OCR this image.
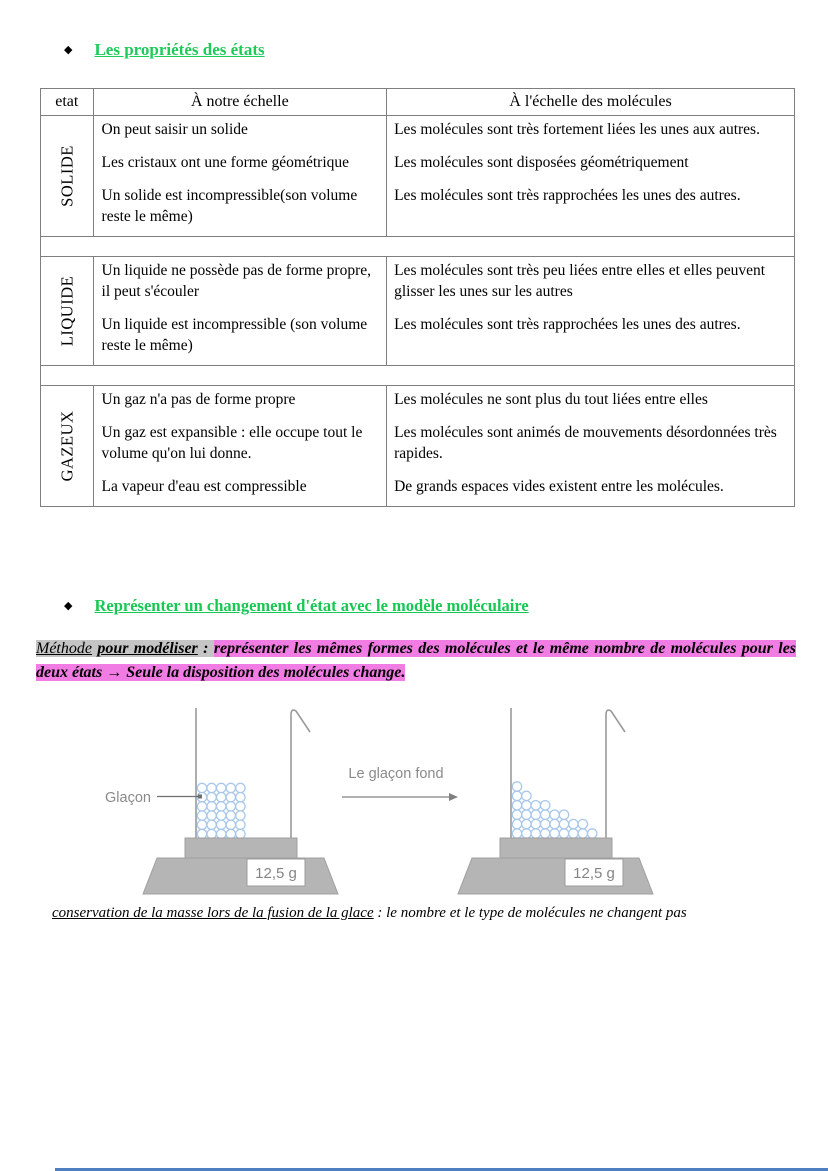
◆ Les propriétés des états
etat	À notre échelle	À l'échelle des molécules

SOLIDE	On peut saisir un solide	Les molécules sont très fortement liées les unes aux autres.
	Les cristaux ont une forme géométrique	Les molécules sont disposées géométriquement
	Un solide est incompressible(son volume reste le même)	Les molécules sont très rapprochées les unes des autres.

LIQUIDE	Un liquide ne possède pas de forme propre, il peut s'écouler	Les molécules sont très peu liées entre elles et elles peuvent glisser les unes sur les autres
	Un liquide est incompressible (son volume reste le même)	Les molécules sont très rapprochées les unes des autres.

GAZEUX	Un gaz n'a pas de forme propre	Les molécules ne sont plus du tout liées entre elles
	Un gaz est expansible : elle occupe tout le volume qu'on lui donne.	Les molécules sont animés de mouvements désordonnées très rapides.
	La vapeur d'eau est compressible	De grands espaces vides existent entre les molécules.
◆ Représenter un changement d'état avec le modèle moléculaire
Méthode pour modéliser : représenter les mêmes formes des molécules et le même nombre de molécules pour les deux états → Seule la disposition des molécules change.
Glaçon
12,5 g
Le glaçon fond
12,5 g
conservation de la masse lors de la fusion de la glace : le nombre et le type de molécules ne changent pas
